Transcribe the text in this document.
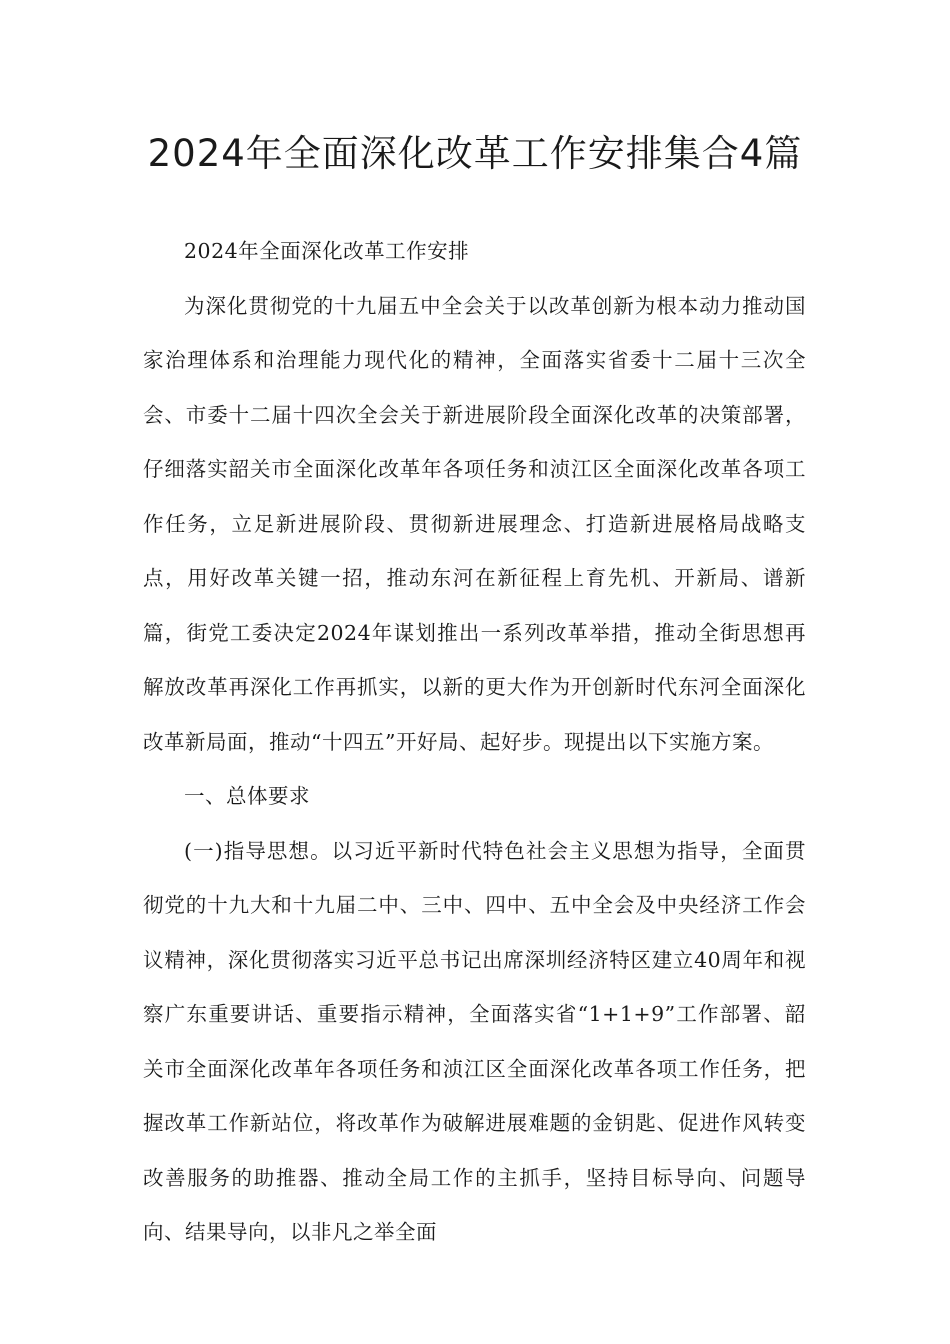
2024年全面深化改革工作安排集合4篇

2024年全面深化改革工作安排

为深化贯彻党的十九届五中全会关于以改革创新为根本动力推动国家治理体系和治理能力现代化的精神，全面落实省委十二届十三次全会、市委十二届十四次全会关于新进展阶段全面深化改革的决策部署，仔细落实韶关市全面深化改革年各项任务和浈江区全面深化改革各项工作任务，立足新进展阶段、贯彻新进展理念、打造新进展格局战略支点，用好改革关键一招，推动东河在新征程上育先机、开新局、谱新篇，街党工委决定2024年谋划推出一系列改革举措，推动全街思想再解放改革再深化工作再抓实，以新的更大作为开创新时代东河全面深化改革新局面，推动“十四五”开好局、起好步。现提出以下实施方案。

一、总体要求

(一)指导思想。以习近平新时代特色社会主义思想为指导，全面贯彻党的十九大和十九届二中、三中、四中、五中全会及中央经济工作会议精神，深化贯彻落实习近平总书记出席深圳经济特区建立40周年和视察广东重要讲话、重要指示精神，全面落实省“1+1+9”工作部署、韶关市全面深化改革年各项任务和浈江区全面深化改革各项工作任务，把握改革工作新站位，将改革作为破解进展难题的金钥匙、促进作风转变改善服务的助推器、推动全局工作的主抓手，坚持目标导向、问题导向、结果导向，以非凡之举全面
